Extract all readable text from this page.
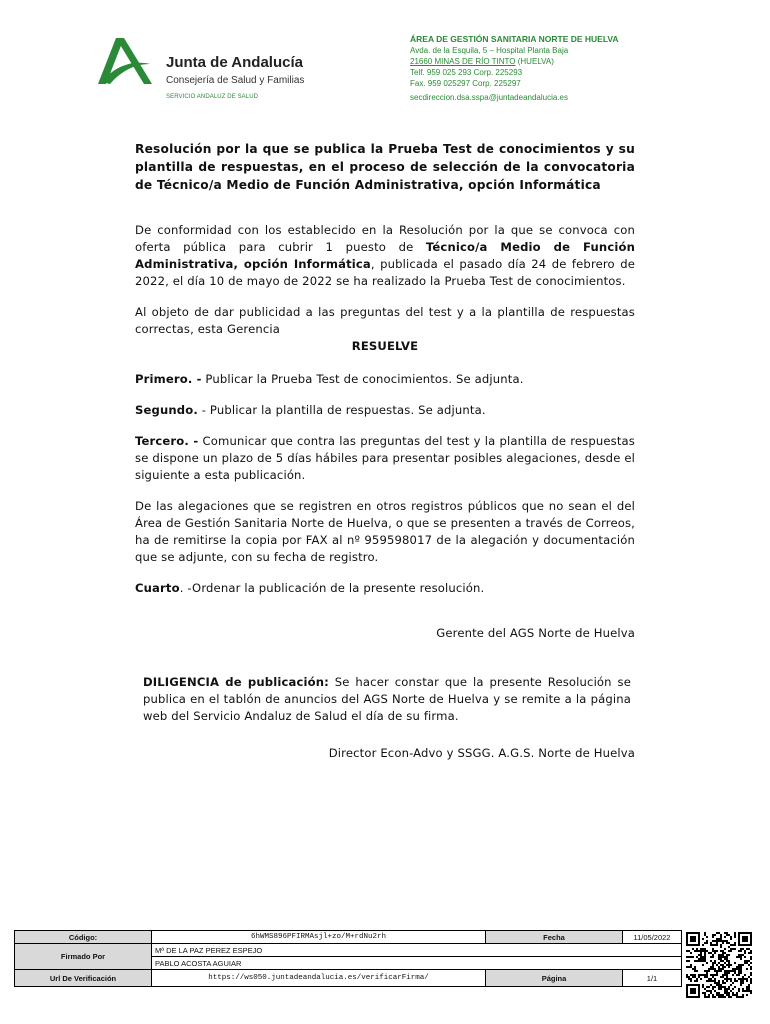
Junta de Andalucía
Consejería de Salud y Familias
SERVICIO ANDALUZ DE SALUD
ÁREA DE GESTIÓN SANITARIA NORTE DE HUELVA
Avda. de la Esquila, 5 – Hospital Planta Baja
21660 MINAS DE RÍO TINTO (HUELVA)
Telf. 959 025 293 Corp. 225293
Fax. 959 025297 Corp. 225297
secdireccion.dsa.sspa@juntadeandalucia.es
Resolución por la que se publica la Prueba Test de conocimientos y su plantilla de respuestas, en el proceso de selección de la convocatoria de Técnico/a Medio de Función Administrativa, opción Informática

De conformidad con los establecido en la Resolución por la que se convoca con oferta pública para cubrir 1 puesto de Técnico/a Medio de Función Administrativa, opción Informática, publicada el pasado día 24 de febrero de 2022, el día 10 de mayo de 2022 se ha realizado la Prueba Test de conocimientos.

Al objeto de dar publicidad a las preguntas del test y a la plantilla de respuestas correctas, esta Gerencia

RESUELVE

Primero. - Publicar la Prueba Test de conocimientos. Se adjunta.

Segundo. - Publicar la plantilla de respuestas. Se adjunta.

Tercero. - Comunicar que contra las preguntas del test y la plantilla de respuestas se dispone un plazo de 5 días hábiles para presentar posibles alegaciones, desde el siguiente a esta publicación.

De las alegaciones que se registren en otros registros públicos que no sean el del Área de Gestión Sanitaria Norte de Huelva, o que se presenten a través de Correos, ha de remitirse la copia por FAX al nº 959598017 de la alegación y documentación que se adjunte, con su fecha de registro.

Cuarto. -Ordenar la publicación de la presente resolución.

Gerente del AGS Norte de Huelva

DILIGENCIA de publicación: Se hacer constar que la presente Resolución se publica en el tablón de anuncios del AGS Norte de Huelva y se remite a la página web del Servicio Andaluz de Salud el día de su firma.

Director Econ-Advo y SSGG. A.G.S. Norte de Huelva

Código:	6hWMS896PFIRMAsjl+zo/M+rdNu2rh	Fecha	11/05/2022
Firmado Por	Mª DE LA PAZ PEREZ ESPEJO		
	PABLO ACOSTA AGUIAR		
Url De Verificación	https://ws050.juntadeandalucia.es/verificarFirma/	Página	1/1
